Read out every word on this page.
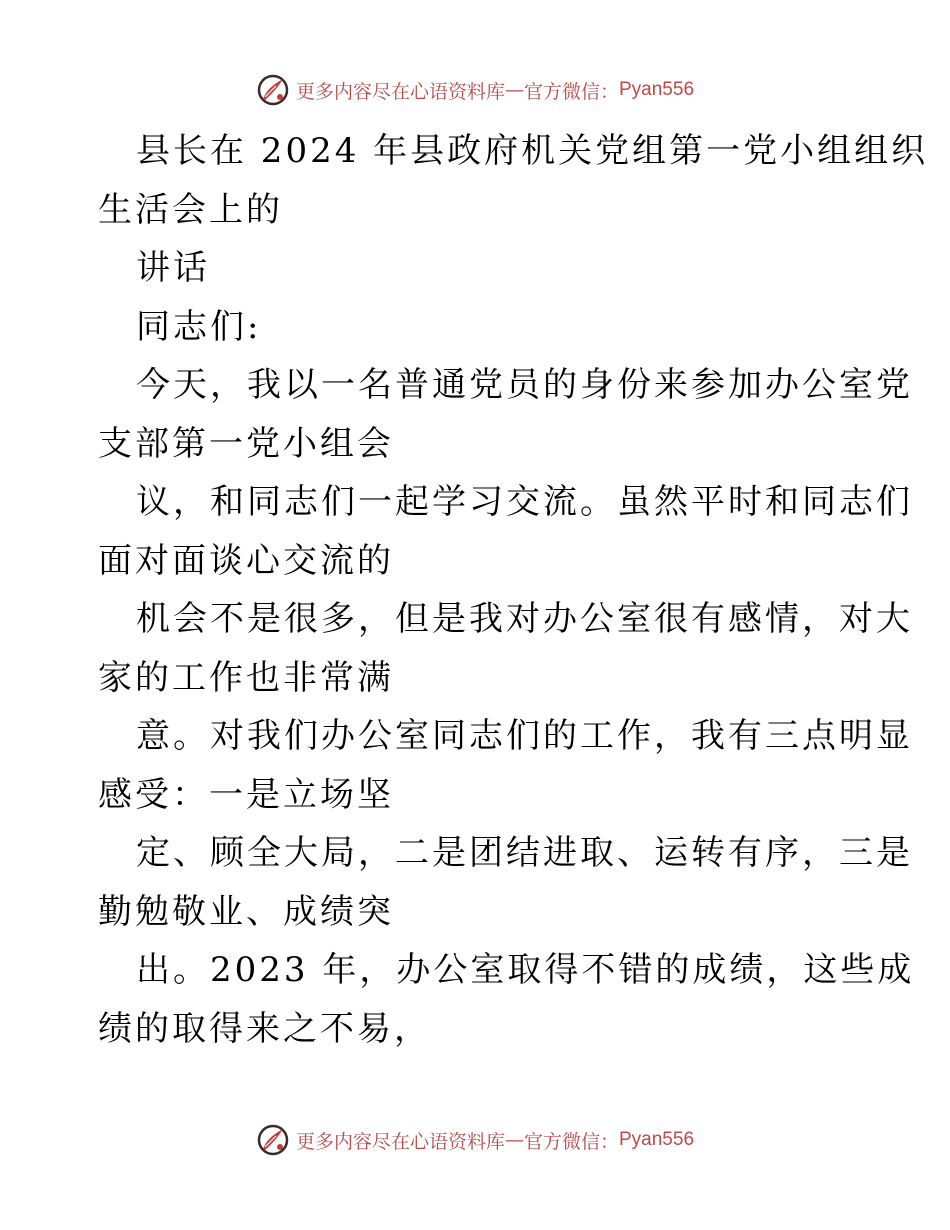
更多内容尽在心语资料库 — 官方微信： Pyan556
县长在 2024 年县政府机关党组第一党小组组织
生活会上的
讲话
同志们:
今天，我以一名普通党员的身份来参加办公室党
支部第一党小组会
议，和同志们一起学习交流。虽然平时和同志们
面对面谈心交流的
机会不是很多，但是我对办公室很有感情，对大
家的工作也非常满
意。对我们办公室同志们的工作，我有三点明显
感受：一是立场坚
定、顾全大局，二是团结进取、运转有序，三是
勤勉敬业、成绩突
出。2023 年，办公室取得不错的成绩，这些成
绩的取得来之不易，
更多内容尽在心语资料库 — 官方微信： Pyan556
